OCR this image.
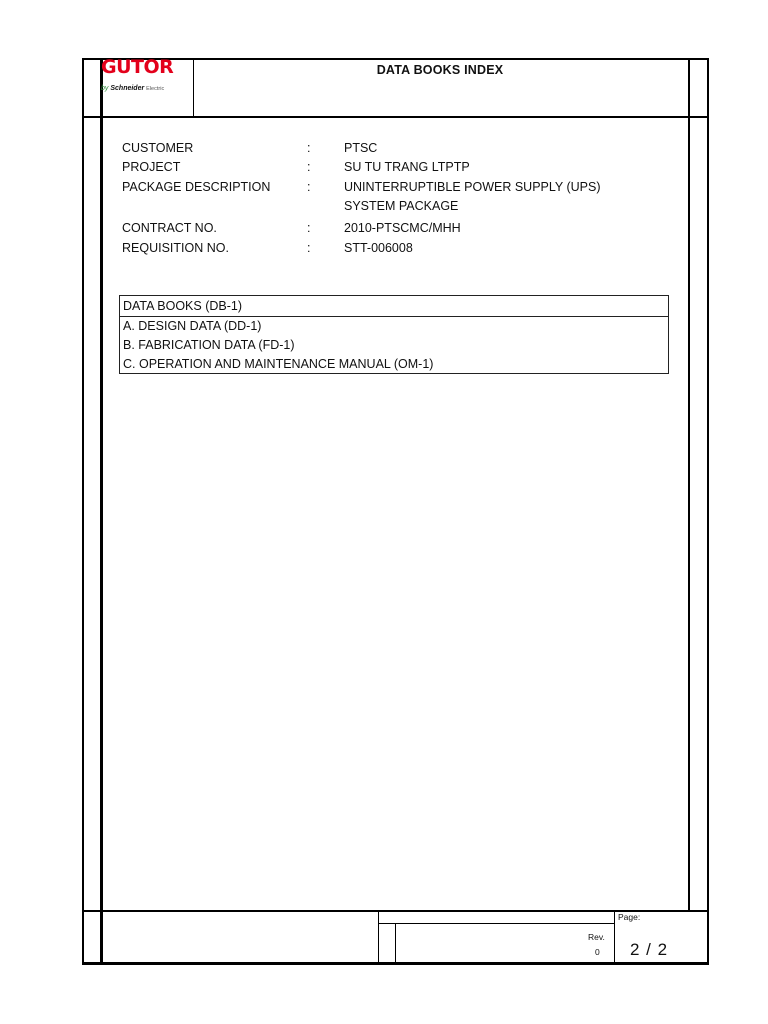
GUTOR
by Schneider Electric
DATA BOOKS INDEX
CUSTOMER	:	PTSC
PROJECT	:	SU TU TRANG LTPTP
PACKAGE DESCRIPTION	:	UNINTERRUPTIBLE POWER SUPPLY (UPS)
SYSTEM PACKAGE
CONTRACT NO.	:	2010-PTSCMC/MHH
REQUISITION NO.	:	STT-006008
DATA BOOKS (DB-1)
A. DESIGN DATA (DD-1)
B. FABRICATION DATA (FD-1)
C. OPERATION AND MAINTENANCE MANUAL (OM-1)
Page:
Rev.
0 2 / 2
